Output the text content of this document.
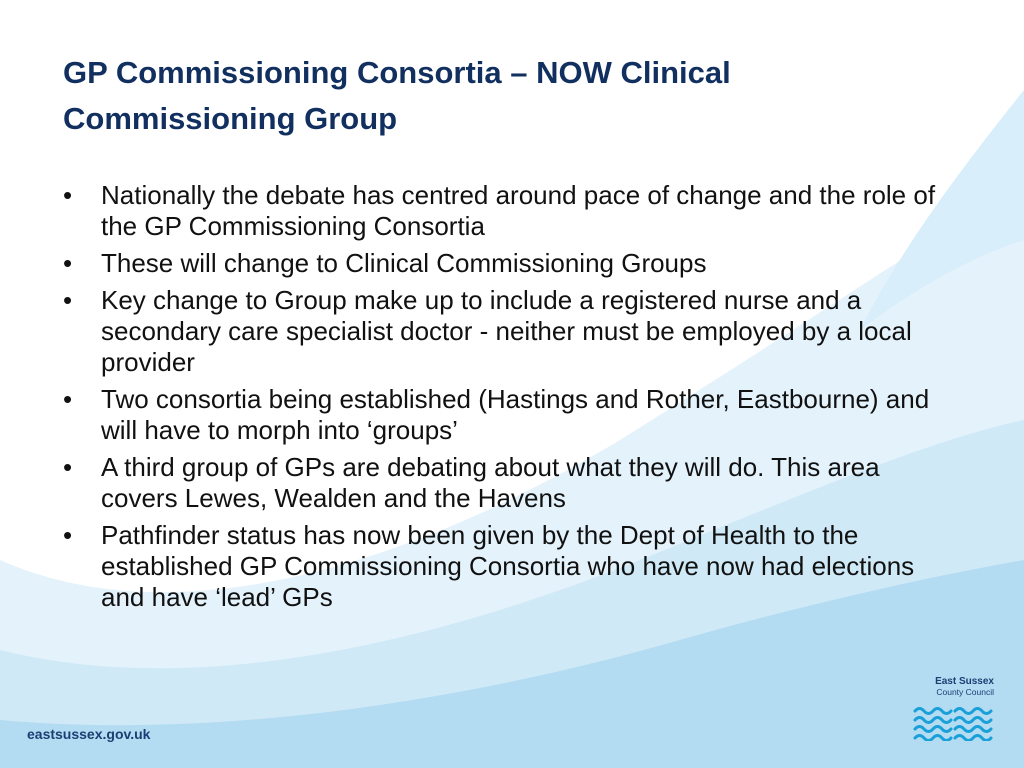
GP Commissioning Consortia – NOW Clinical Commissioning Group
•	Nationally the debate has centred around pace of change and the role of the GP Commissioning Consortia
•	These will change to Clinical Commissioning Groups
•	Key change to Group make up to include a registered nurse and a secondary care specialist doctor - neither must be employed by a local provider
•	Two consortia being established (Hastings and Rother, Eastbourne) and will have to morph into ‘groups’
•	A third group of GPs are debating about what they will do. This area covers Lewes, Wealden and the Havens
•	Pathfinder status has now been given by the Dept of Health to the established GP Commissioning Consortia who have now had elections and have ‘lead’ GPs
eastsussex.gov.uk
East Sussex
County Council
